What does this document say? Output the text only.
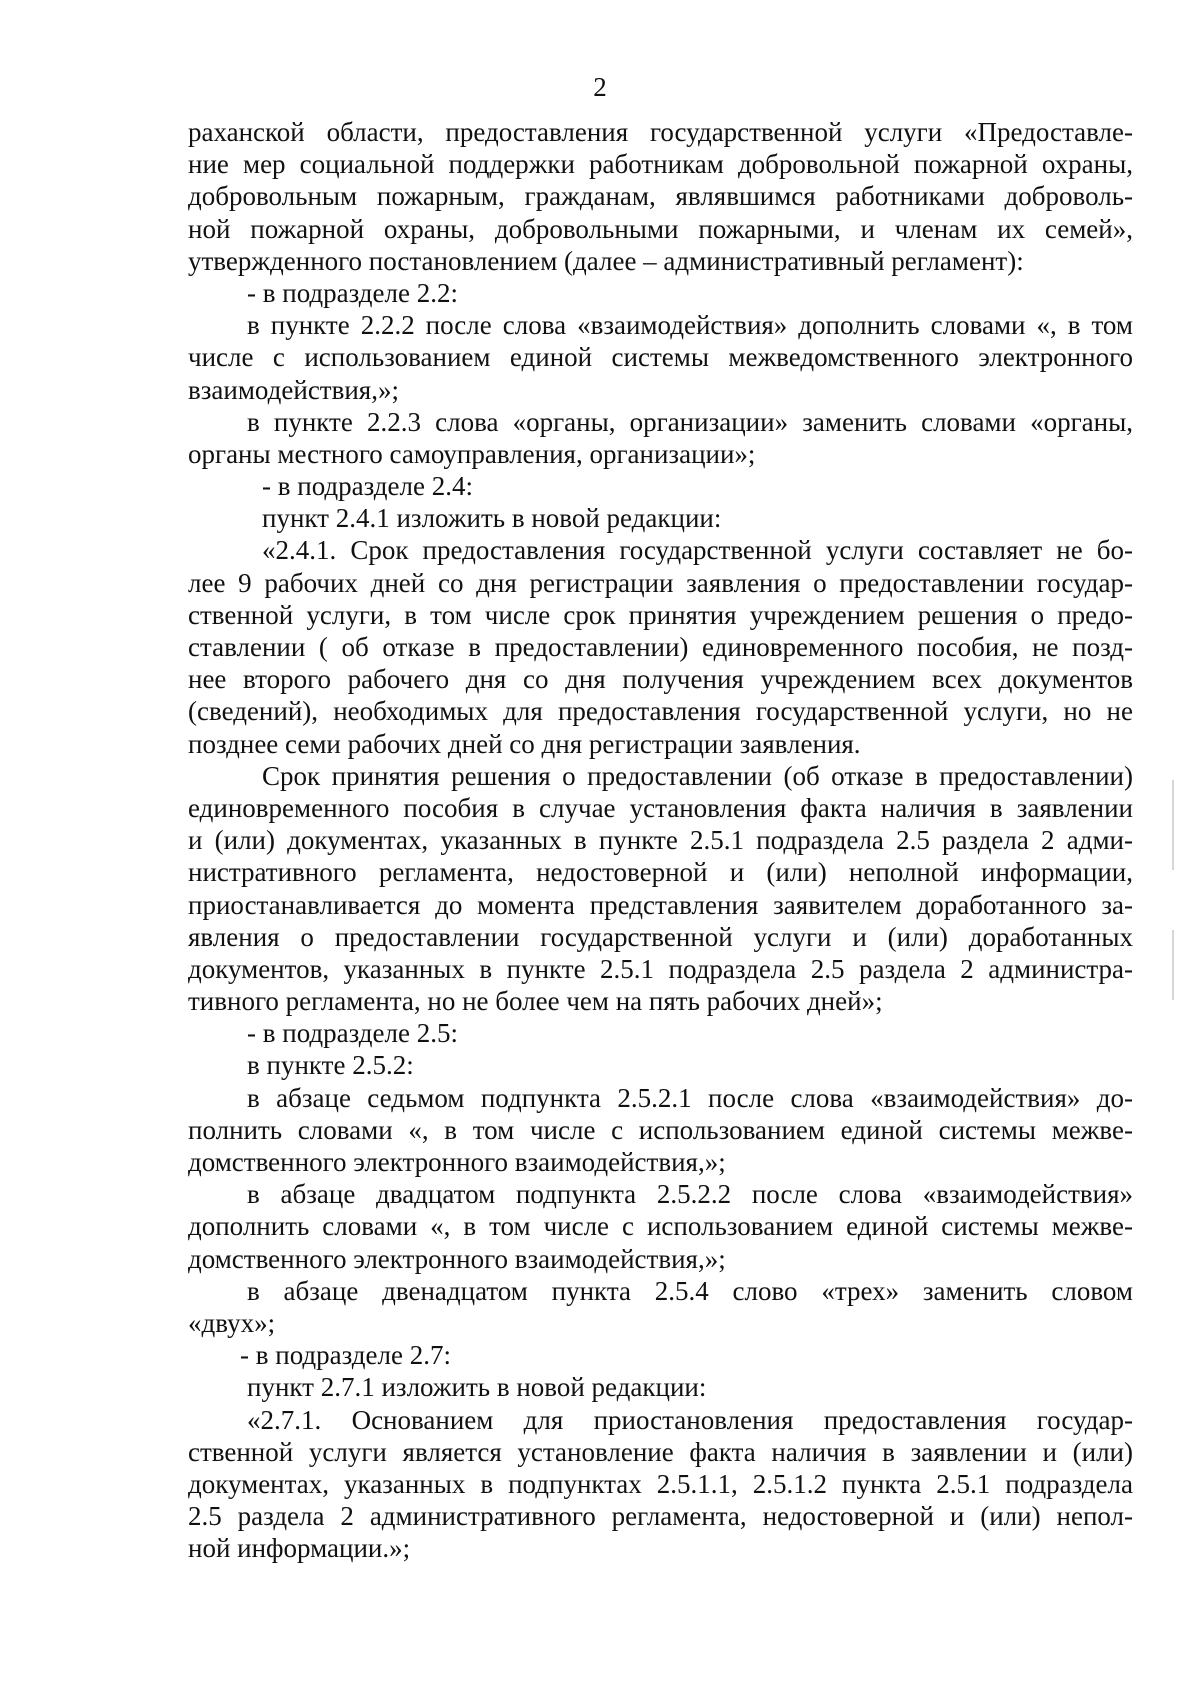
2
раханской области, предоставления государственной услуги «Предоставле-
ние мер социальной поддержки работникам добровольной пожарной охраны,
добровольным пожарным, гражданам, являвшимся работниками доброволь-
ной пожарной охраны, добровольными пожарными, и членам их семей»,
утвержденного постановлением (далее – административный регламент):
- в подразделе 2.2:
в пункте 2.2.2 после слова «взаимодействия» дополнить словами «, в том
числе с использованием единой системы межведомственного электронного
взаимодействия,»;
в пункте 2.2.3 слова «органы, организации» заменить словами «органы,
органы местного самоуправления, организации»;
- в подразделе 2.4:
пункт 2.4.1 изложить в новой редакции:
«2.4.1. Срок предоставления государственной услуги составляет не бо-
лее 9 рабочих дней со дня регистрации заявления о предоставлении государ-
ственной услуги, в том числе срок принятия учреждением решения о предо-
ставлении ( об отказе в предоставлении) единовременного пособия, не позд-
нее второго рабочего дня со дня получения учреждением всех документов
(сведений), необходимых для предоставления государственной услуги, но не
позднее семи рабочих дней со дня регистрации заявления.
Срок принятия решения о предоставлении (об отказе в предоставлении)
единовременного пособия в случае установления факта наличия в заявлении
и (или) документах, указанных в пункте 2.5.1 подраздела 2.5 раздела 2 адми-
нистративного регламента, недостоверной и (или) неполной информации,
приостанавливается до момента представления заявителем доработанного за-
явления о предоставлении государственной услуги и (или) доработанных
документов, указанных в пункте 2.5.1 подраздела 2.5 раздела 2 администра-
тивного регламента, но не более чем на пять рабочих дней»;
- в подразделе 2.5:
в пункте 2.5.2:
в абзаце седьмом подпункта 2.5.2.1 после слова «взаимодействия» до-
полнить словами «, в том числе с использованием единой системы межве-
домственного электронного взаимодействия,»;
в абзаце двадцатом подпункта 2.5.2.2 после слова «взаимодействия»
дополнить словами «, в том числе с использованием единой системы межве-
домственного электронного взаимодействия,»;
в абзаце двенадцатом пункта 2.5.4 слово «трех» заменить словом
«двух»;
- в подразделе 2.7:
пункт 2.7.1 изложить в новой редакции:
«2.7.1. Основанием для приостановления предоставления государ-
ственной услуги является установление факта наличия в заявлении и (или)
документах, указанных в подпунктах 2.5.1.1, 2.5.1.2 пункта 2.5.1 подраздела
2.5 раздела 2 административного регламента, недостоверной и (или) непол-
ной информации.»;
